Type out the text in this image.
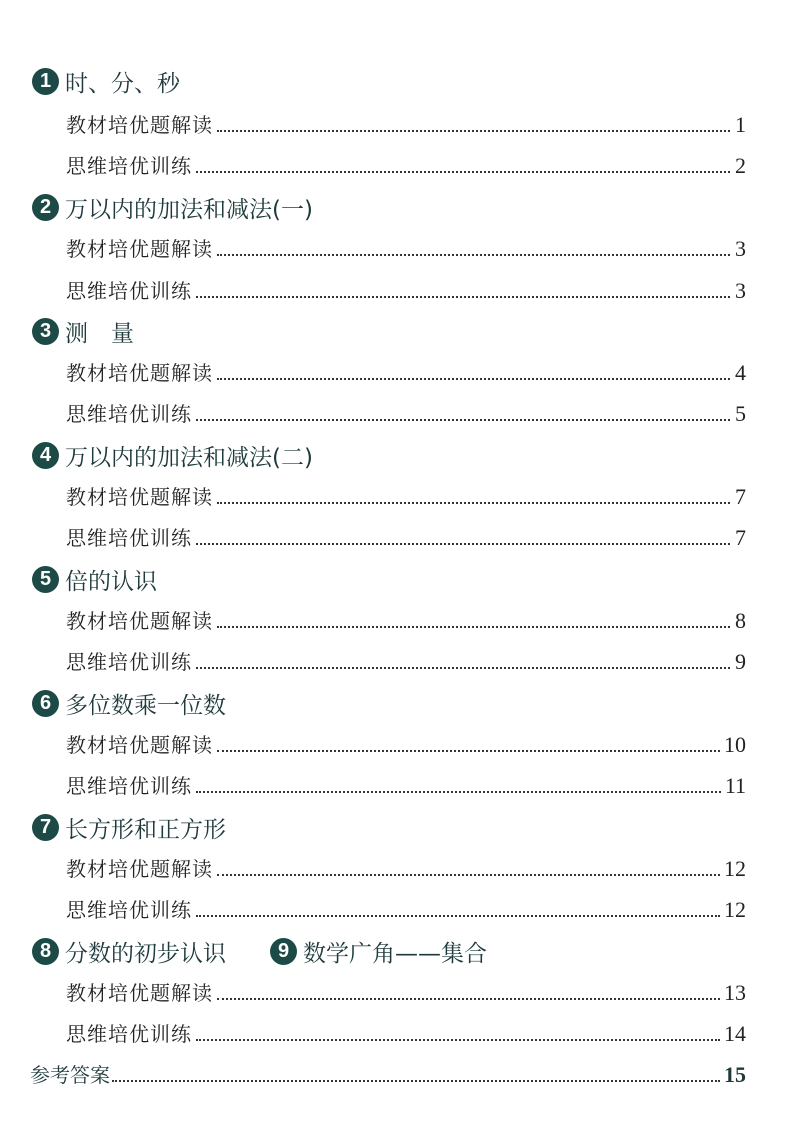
1 时、分、秒
教材培优题解读	1
思维培优训练	2
2 万以内的加法和减法(一)
教材培优题解读	3
思维培优训练	3
3 测　量
教材培优题解读	4
思维培优训练	5
4 万以内的加法和减法(二)
教材培优题解读	7
思维培优训练	7
5 倍的认识
教材培优题解读	8
思维培优训练	9
6 多位数乘一位数
教材培优题解读	10
思维培优训练	11
7 长方形和正方形
教材培优题解读	12
思维培优训练	12
8 分数的初步认识	9 数学广角——集合
教材培优题解读	13
思维培优训练	14
参考答案	15
